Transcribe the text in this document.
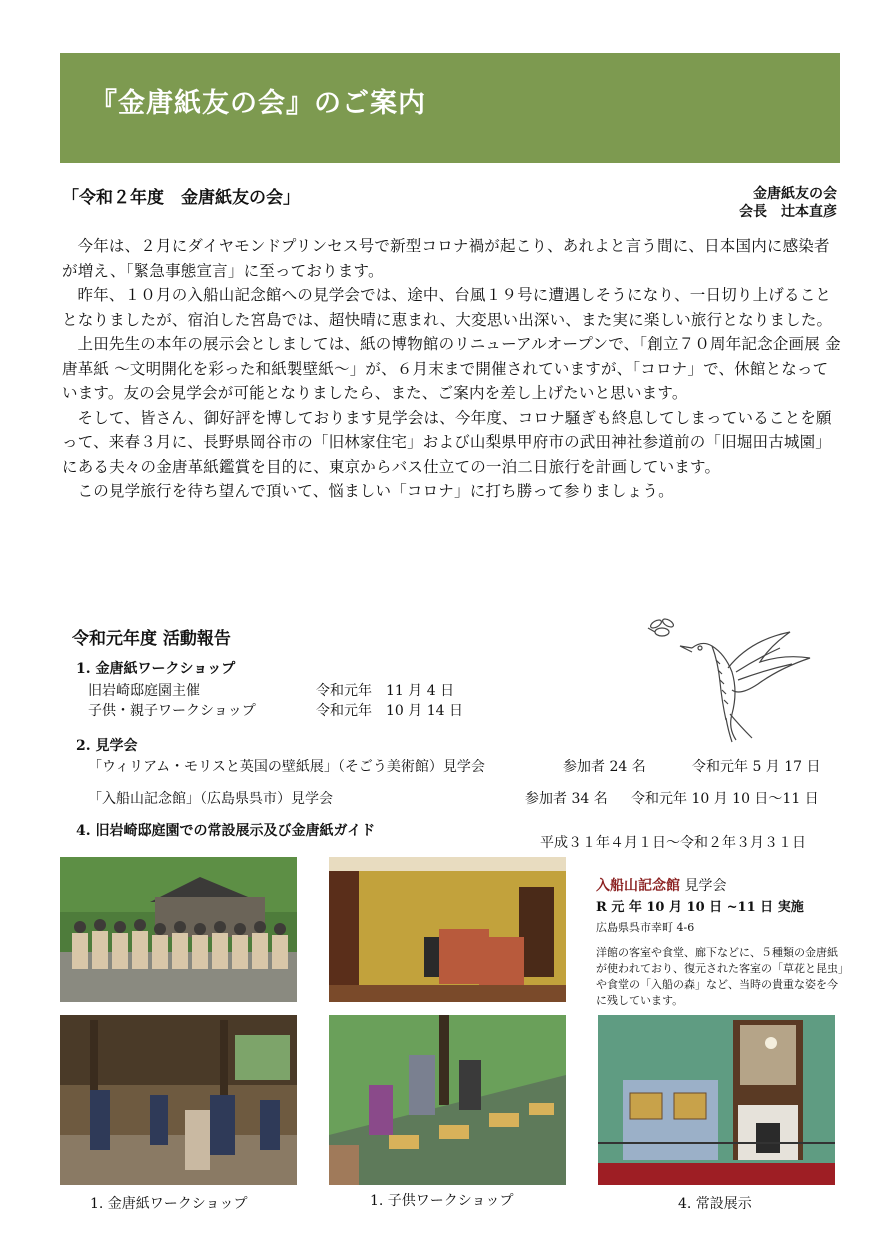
『金唐紙友の会』のご案内
「令和２年度　金唐紙友の会」	金唐紙友の会
会長　辻本直彦

今年は、２月にダイヤモンドプリンセス号で新型コロナ禍が起こり、あれよと言う間に、日本国内に感染者が増え、「緊急事態宣言」に至っております。

昨年、１０月の入船山記念館への見学会では、途中、台風１９号に遭遇しそうになり、一日切り上げることとなりましたが、宿泊した宮島では、超快晴に恵まれ、大変思い出深い、また実に楽しい旅行となりました。

上田先生の本年の展示会としましては、紙の博物館のリニューアルオープンで、「創立７０周年記念企画展 金唐革紙 ～文明開化を彩った和紙製壁紙～」が、６月末まで開催されていますが、「コロナ」で、休館となっています。友の会見学会が可能となりましたら、また、ご案内を差し上げたいと思います。

そして、皆さん、御好評を博しております見学会は、今年度、コロナ騒ぎも終息してしまっていることを願って、来春３月に、長野県岡谷市の「旧林家住宅」および山梨県甲府市の武田神社参道前の「旧堀田古城園」にある夫々の金唐革紙鑑賞を目的に、東京からバス仕立ての一泊二日旅行を計画しています。

この見学旅行を待ち望んで頂いて、悩ましい「コロナ」に打ち勝って参りましょう。

令和元年度 活動報告
1. 金唐紙ワークショップ
旧岩崎邸庭園主催	令和元年　11 月 4 日
子供・親子ワークショップ	令和元年　10 月 14 日
2. 見学会
「ウィリアム・モリスと英国の壁紙展」（そごう美術館）見学会	参加者 24 名	令和元年 5 月 17 日
「入船山記念館」（広島県呉市）見学会	参加者 34 名 令和元年 10 月 10 日～11 日
4. 旧岩崎邸庭園での常設展示及び金唐紙ガイド
平成３１年４月１日～令和２年３月３１日
1. 金唐紙ワークショップ	1. 子供ワークショップ	4. 常設展示
入船山記念館 見学会
R 元 年 10 月 10 日 ~11 日 実施
広島県呉市幸町 4-6
洋館の客室や食堂、廊下などに、５種類の金唐紙が使われており、復元された客室の「草花と昆虫」や食堂の「入船の森」など、当時の貴重な姿を今に残しています。
